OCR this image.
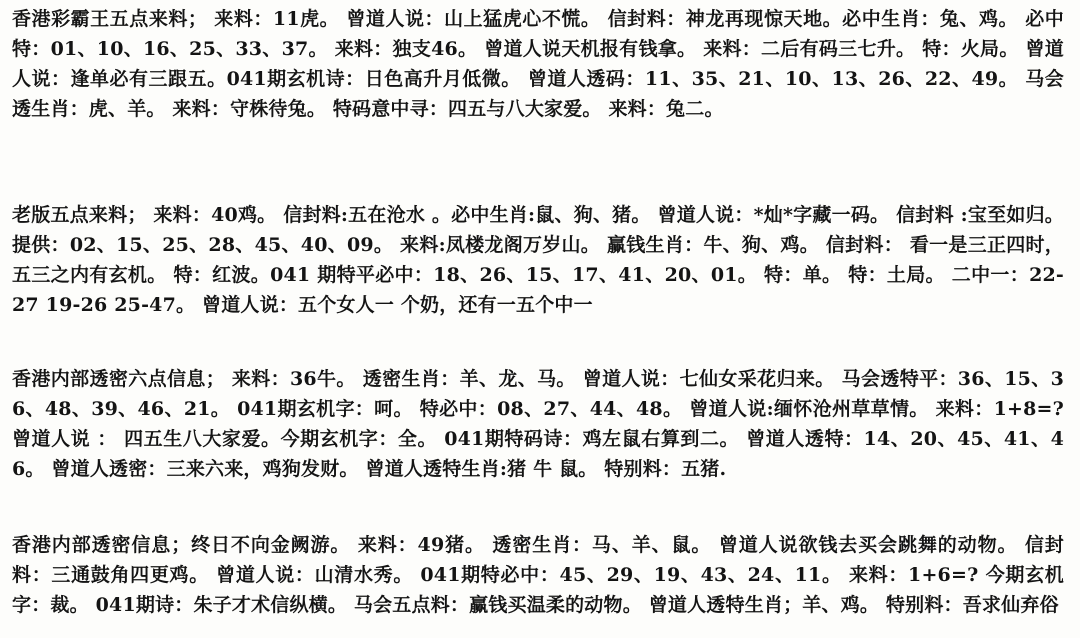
香港彩霸王五点来料； 来料：11虎。 曾道人说：山上猛虎心不慌。 信封料：神龙再现惊天地。必中生肖：兔、鸡。 必中特：01、10、16、25、33、37。 来料：独支46。 曾道人说天机报有钱拿。 来料：二后有码三七升。 特：火局。 曾道人说：逢单必有三跟五。041期玄机诗：日色高升月低微。 曾道人透码：11、35、21、10、13、26、22、49。 马会透生肖：虎、羊。 来料：守株待兔。 特码意中寻：四五与八大家爱。 来料：兔二。

老版五点来料； 来料：40鸡。 信封料:五在沧水 。必中生肖:鼠、狗、猪。 曾道人说：*灿*字藏一码。 信封料 :宝至如归。 提供：02、15、25、28、45、40、09。 来料:凤楼龙阁万岁山。 赢钱生肖：牛、狗、鸡。 信封料： 看一是三正四时，五三之内有玄机。 特：红波。041 期特平必中：18、26、15、17、41、20、01。 特：单。 特：土局。 二中一：22-27 19-26 25-47。 曾道人说：五个女人一 个奶，还有一五个中一

香港内部透密六点信息； 来料：36牛。 透密生肖：羊、龙、马。 曾道人说：七仙女采花归来。 马会透特平：36、15、36、48、39、46、21。 041期玄机字：呵。 特必中：08、27、44、48。 曾道人说:缅怀沧州草草情。 来料：1+8=? 曾道人说 ： 四五生八大家爱。今期玄机字：全。 041期特码诗：鸡左鼠右算到二。 曾道人透特：14、20、45、41、46。 曾道人透密：三来六来，鸡狗发财。 曾道人透特生肖:猪 牛 鼠。 特别料：五猪.

香港内部透密信息；终日不向金阙游。 来料：49猪。 透密生肖：马、羊、鼠。 曾道人说欲钱去买会跳舞的动物。 信封料：三通鼓角四更鸡。 曾道人说：山清水秀。 041期特必中：45、29、19、43、24、11。 来料：1+6=? 今期玄机字：裁。 041期诗：朱子才术信纵横。 马会五点料：赢钱买温柔的动物。 曾道人透特生肖；羊、鸡。 特别料：吾求仙弃俗
